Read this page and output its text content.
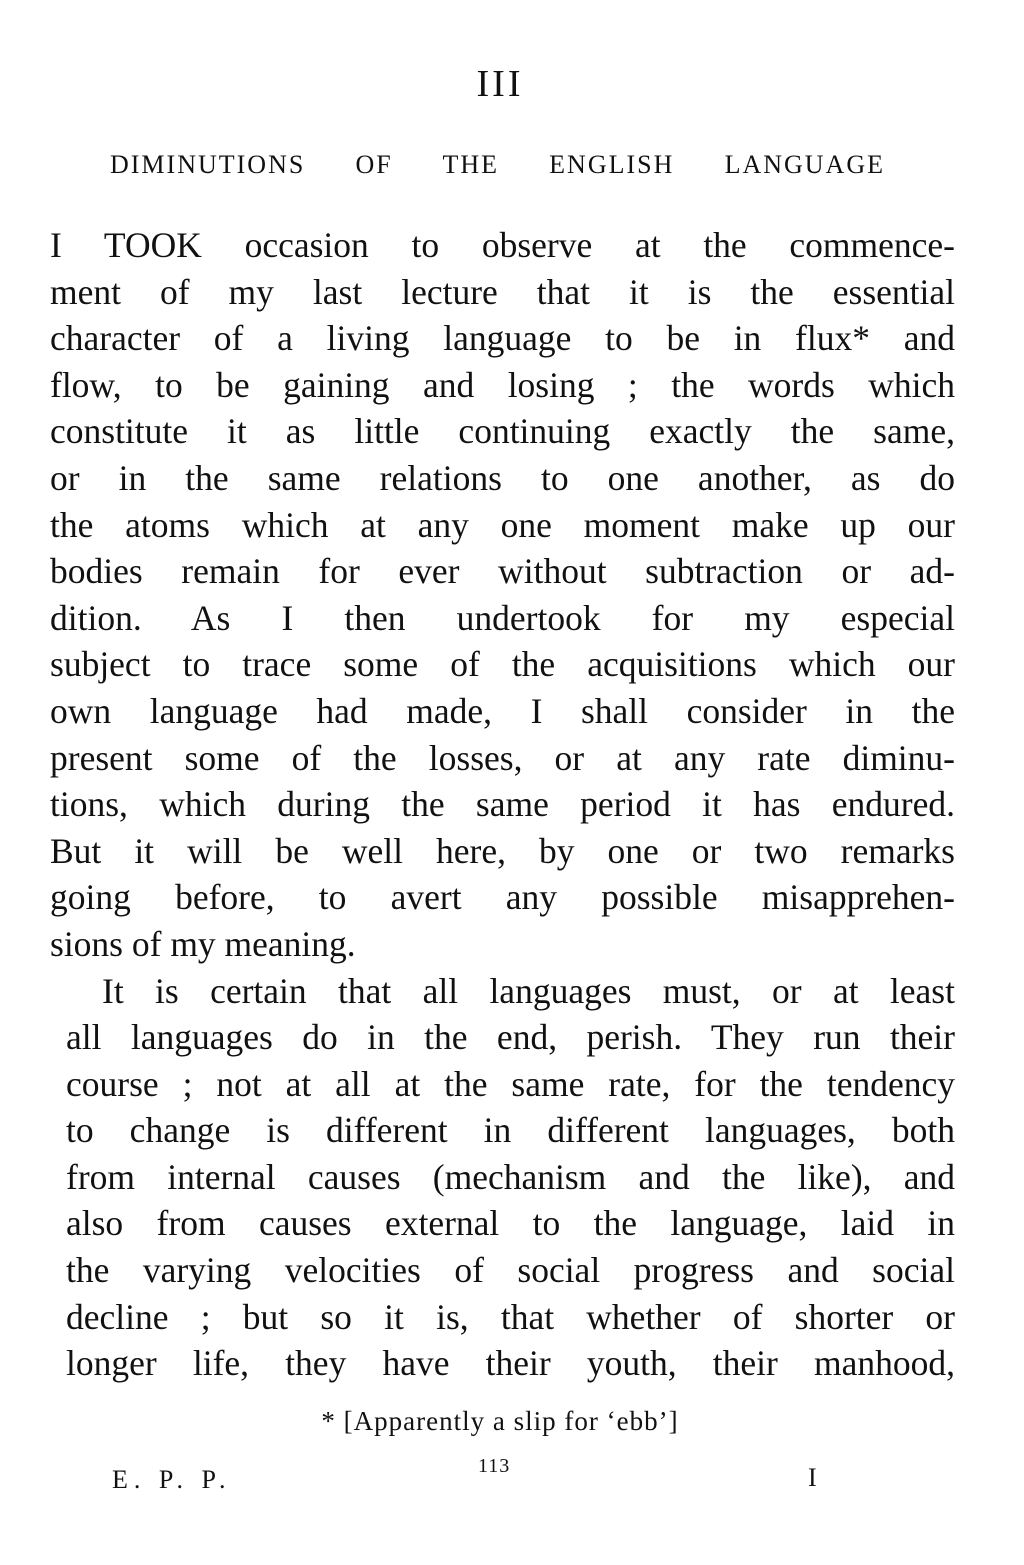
III
DIMINUTIONS OF THE ENGLISH LANGUAGE
I TOOK occasion to observe at the commence-
ment of my last lecture that it is the essential
character of a living language to be in flux* and
flow, to be gaining and losing ; the words which
constitute it as little continuing exactly the same,
or in the same relations to one another, as do
the atoms which at any one moment make up our
bodies remain for ever without subtraction or ad-
dition. As I then undertook for my especial
subject to trace some of the acquisitions which our
own language had made, I shall consider in the
present some of the losses, or at any rate diminu-
tions, which during the same period it has endured.
But it will be well here, by one or two remarks
going before, to avert any possible misapprehen-
sions of my meaning.
It is certain that all languages must, or at least
all languages do in the end, perish. They run their
course ; not at all at the same rate, for the tendency
to change is different in different languages, both
from internal causes (mechanism and the like), and
also from causes external to the language, laid in
the varying velocities of social progress and social
decline ; but so it is, that whether of shorter or
longer life, they have their youth, their manhood,
* [Apparently a slip for ‘ebb’]
E. P. P.	113	I
